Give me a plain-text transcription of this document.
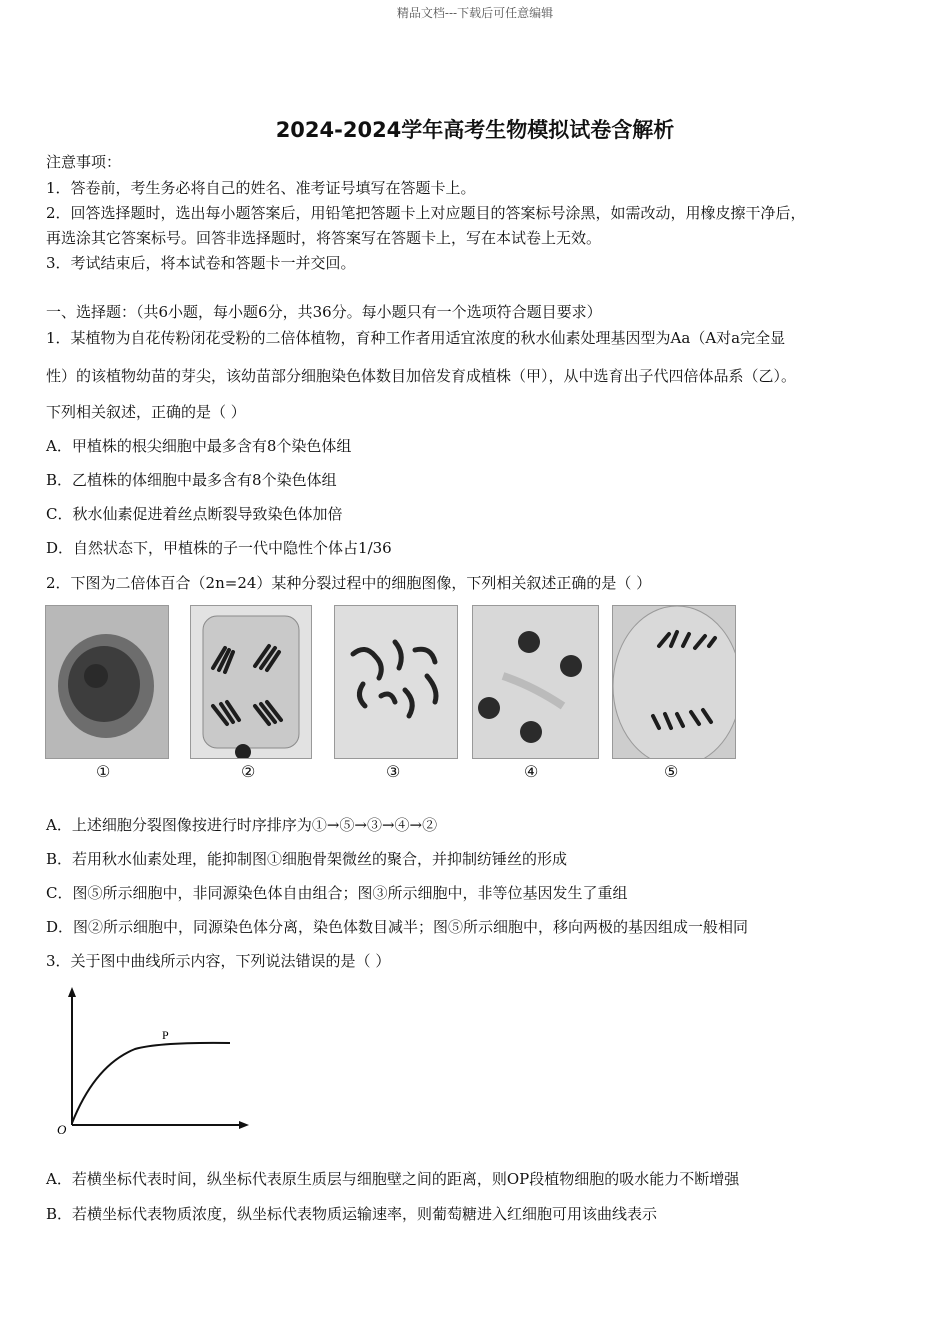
精品文档---下载后可任意编辑
2024-2024学年高考生物模拟试卷含解析
注意事项：
1．答卷前，考生务必将自己的姓名、准考证号填写在答题卡上。
2．回答选择题时，选出每小题答案后，用铅笔把答题卡上对应题目的答案标号涂黑，如需改动，用橡皮擦干净后，
再选涂其它答案标号。回答非选择题时，将答案写在答题卡上，写在本试卷上无效。
3．考试结束后，将本试卷和答题卡一并交回。
一、选择题：（共6小题，每小题6分，共36分。每小题只有一个选项符合题目要求）
1．某植物为自花传粉闭花受粉的二倍体植物，育种工作者用适宜浓度的秋水仙素处理基因型为Aa（A对a完全显
性）的该植物幼苗的芽尖，该幼苗部分细胞染色体数目加倍发育成植株（甲），从中选育出子代四倍体品系（乙）。
下列相关叙述，正确的是（ ）
A．甲植株的根尖细胞中最多含有8个染色体组
B．乙植株的体细胞中最多含有8个染色体组
C．秋水仙素促进着丝点断裂导致染色体加倍
D．自然状态下，甲植株的子一代中隐性个体占1/36
2．下图为二倍体百合（2n=24）某种分裂过程中的细胞图像，下列相关叙述正确的是（ ）
①	②	③	④	⑤
A．上述细胞分裂图像按进行时序排序为①→⑤→③→④→②
B．若用秋水仙素处理，能抑制图①细胞骨架微丝的聚合，并抑制纺锤丝的形成
C．图⑤所示细胞中，非同源染色体自由组合；图③所示细胞中，非等位基因发生了重组
D．图②所示细胞中，同源染色体分离，染色体数目减半；图⑤所示细胞中，移向两极的基因组成一般相同
3．关于图中曲线所示内容，下列说法错误的是（ ）
O
P
A．若横坐标代表时间，纵坐标代表原生质层与细胞壁之间的距离，则OP段植物细胞的吸水能力不断增强
B．若横坐标代表物质浓度，纵坐标代表物质运输速率，则葡萄糖进入红细胞可用该曲线表示
